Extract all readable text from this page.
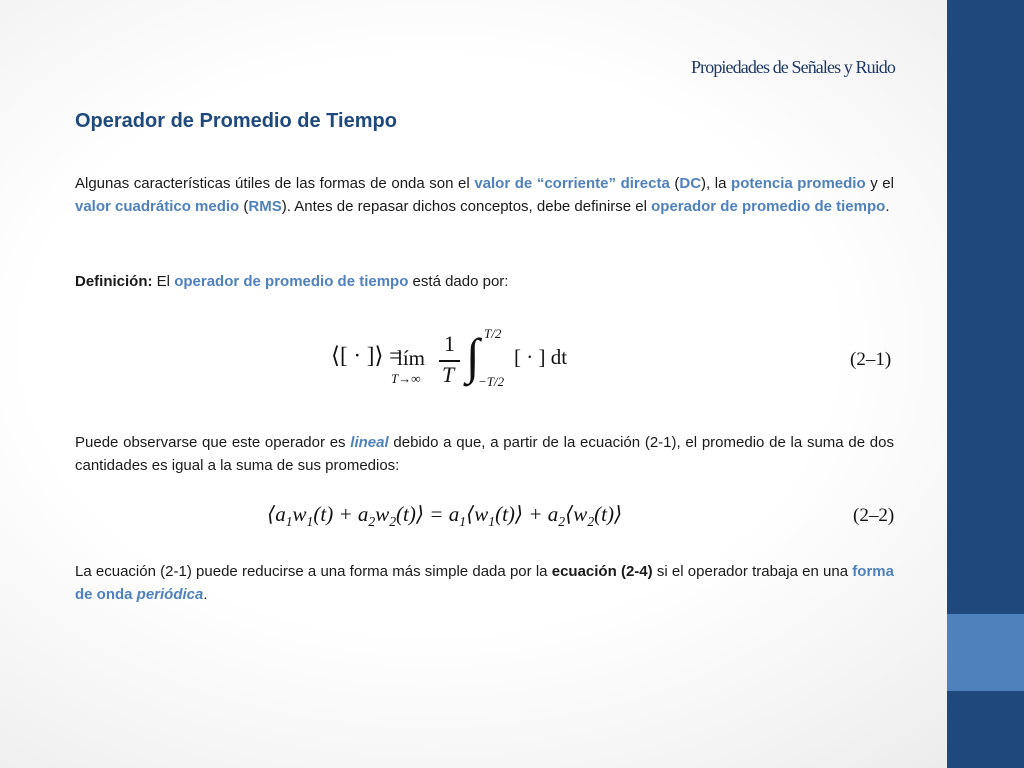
Propiedades de Señales y Ruido
Operador de Promedio de Tiempo
Algunas características útiles de las formas de onda son el valor de “corriente” directa (DC), la potencia promedio y el valor cuadrático medio (RMS). Antes de repasar dichos conceptos, debe definirse el operador de promedio de tiempo.
Definición: El operador de promedio de tiempo está dado por:
⟨[ · ]⟩ =
lím
T→∞
1
T ∫ T/2
−T/2
[ · ] dt	(2–1)
Puede observarse que este operador es lineal debido a que, a partir de la ecuación (2-1), el promedio de la suma de dos cantidades es igual a la suma de sus promedios:
$⟨a_1w_1(t)$ + $a_2w_2(t)⟩$ = $a_1⟨w_1(t)⟩$ + $a_2⟨w_2(t)⟩$	(2–2)
La ecuación (2-1) puede reducirse a una forma más simple dada por la ecuación (2-4) si el operador trabaja en una forma de onda periódica.
